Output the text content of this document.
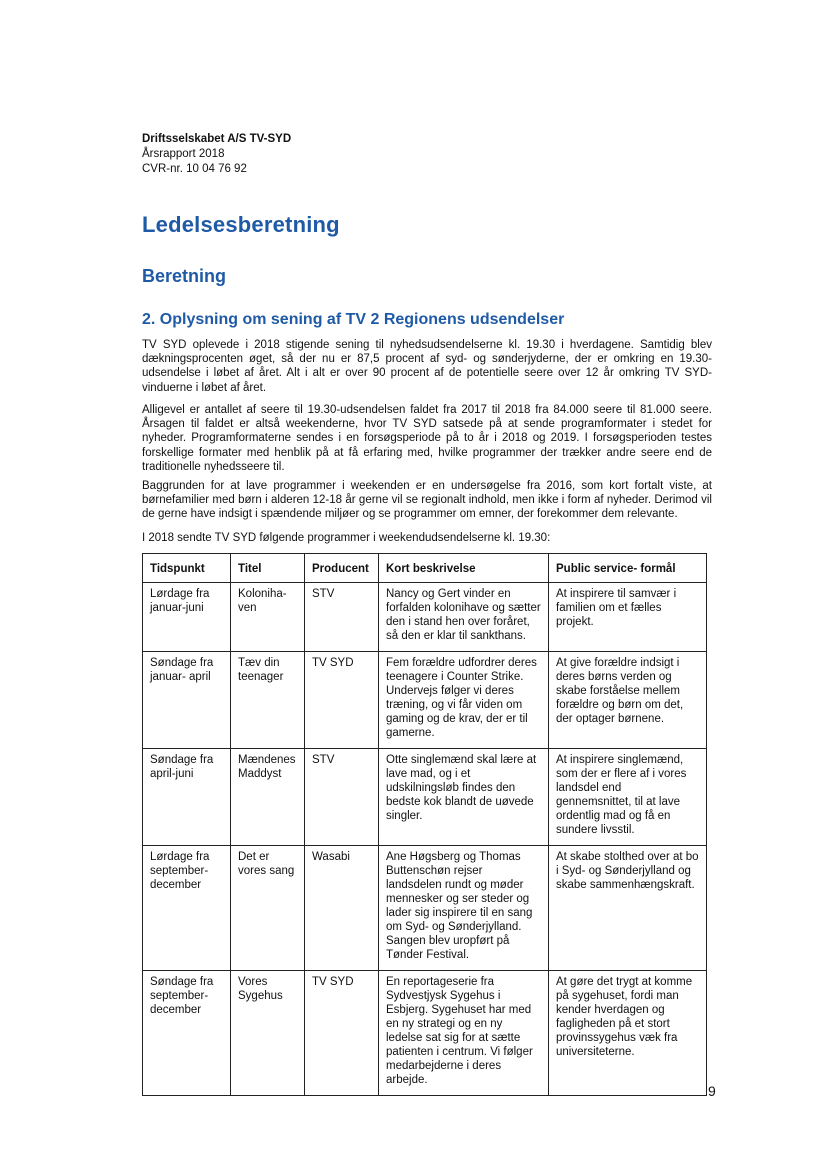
Driftsselskabet A/S TV-SYD
Årsrapport 2018
CVR-nr. 10 04 76 92
Ledelsesberetning
Beretning
2. Oplysning om sening af TV 2 Regionens udsendelser

TV SYD oplevede i 2018 stigende sening til nyhedsudsendelserne kl. 19.30 i hverdagene. Samtidig blev dækningsprocenten øget, så der nu er 87,5 procent af syd- og sønderjyderne, der er omkring en 19.30-udsendelse i løbet af året. Alt i alt er over 90 procent af de potentielle seere over 12 år omkring TV SYD-vinduerne i løbet af året.

Alligevel er antallet af seere til 19.30-udsendelsen faldet fra 2017 til 2018 fra 84.000 seere til 81.000 seere. Årsagen til faldet er altså weekenderne, hvor TV SYD satsede på at sende programformater i stedet for nyheder. Programformaterne sendes i en forsøgsperiode på to år i 2018 og 2019. I forsøgsperioden testes forskellige formater med henblik på at få erfaring med, hvilke programmer der trækker andre seere end de traditionelle nyhedsseere til.

Baggrunden for at lave programmer i weekenden er en undersøgelse fra 2016, som kort fortalt viste, at børnefamilier med børn i alderen 12-18 år gerne vil se regionalt indhold, men ikke i form af nyheder. Derimod vil de gerne have indsigt i spændende miljøer og se programmer om emner, der forekommer dem relevante.

I 2018 sendte TV SYD følgende programmer i weekendudsendelserne kl. 19.30:

Tidspunkt	Titel	Producent	Kort beskrivelse	Public service- formål
Lørdage fra januar-juni	Koloniha-ven	STV	Nancy og Gert vinder en forfalden kolonihave og sætter den i stand hen over foråret, så den er klar til sankthans.	At inspirere til samvær i familien om et fælles projekt.
Søndage fra januar- april	Tæv din teenager	TV SYD	Fem forældre udfordrer deres teenagere i Counter Strike. Undervejs følger vi deres træning, og vi får viden om gaming og de krav, der er til gamerne.	At give forældre indsigt i deres børns verden og skabe forståelse mellem forældre og børn om det, der optager børnene.
Søndage fra april-juni	Mændenes Maddyst	STV	Otte singlemænd skal lære at lave mad, og i et udskilningsløb findes den bedste kok blandt de uøvede singler.	At inspirere singlemænd, som der er flere af i vores landsdel end gennemsnittet, til at lave ordentlig mad og få en sundere livsstil.
Lørdage fra september-december	Det er vores sang	Wasabi	Ane Høgsberg og Thomas Buttenschøn rejser landsdelen rundt og møder mennesker og ser steder og lader sig inspirere til en sang om Syd- og Sønderjylland. Sangen blev uropført på Tønder Festival.	At skabe stolthed over at bo i Syd- og Sønderjylland og skabe sammenhængskraft.
Søndage fra september-december	Vores Sygehus	TV SYD	En reportageserie fra Sydvestjysk Sygehus i Esbjerg. Sygehuset har med en ny strategi og en ny ledelse sat sig for at sætte patienten i centrum. Vi følger medarbejderne i deres arbejde.	At gøre det trygt at komme på sygehuset, fordi man kender hverdagen og fagligheden på et stort provinssygehus væk fra universiteterne.
9
